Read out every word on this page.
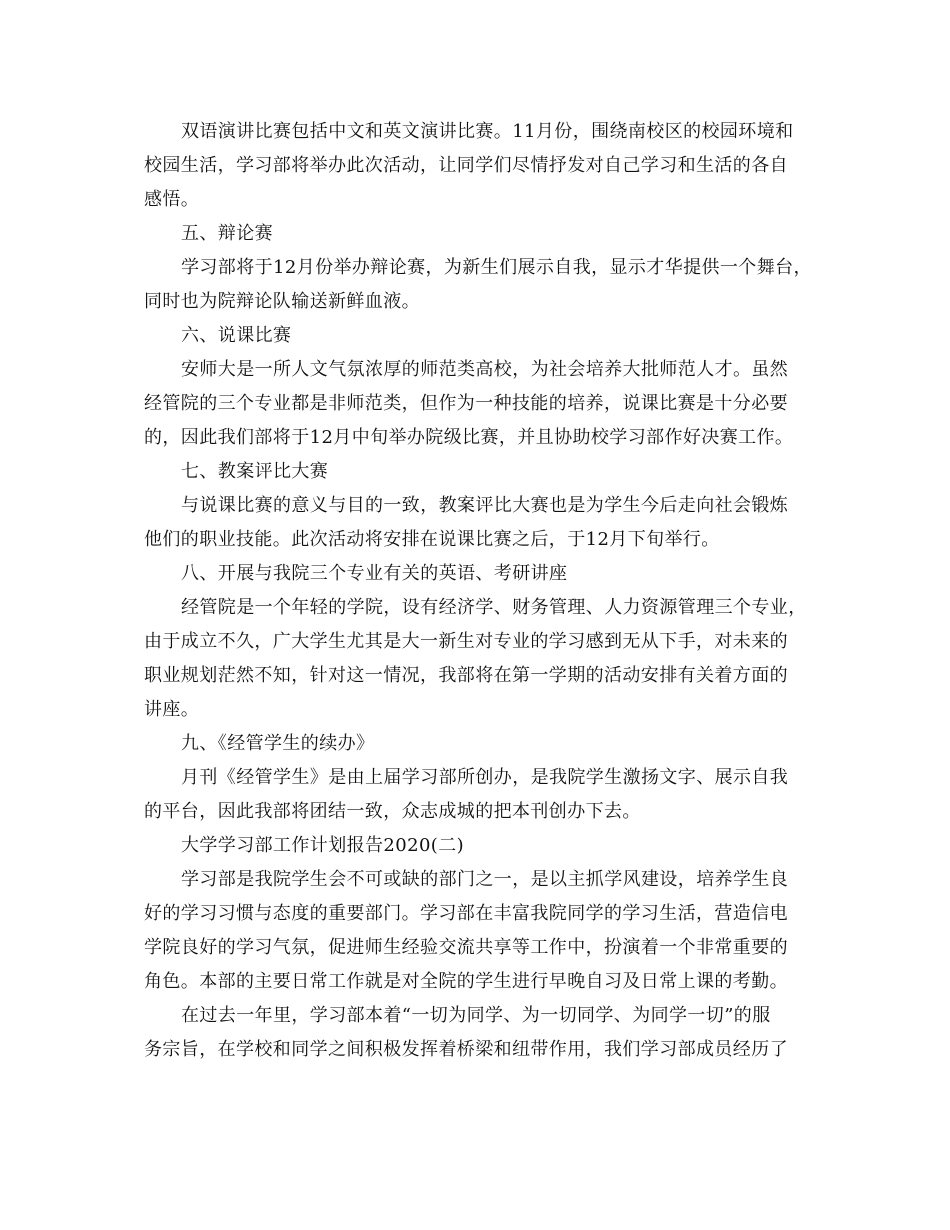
双语演讲比赛包括中文和英文演讲比赛。11月份，围绕南校区的校园环境和
校园生活，学习部将举办此次活动，让同学们尽情抒发对自己学习和生活的各自
感悟。
五、辩论赛
学习部将于12月份举办辩论赛，为新生们展示自我，显示才华提供一个舞台，
同时也为院辩论队输送新鲜血液。
六、说课比赛
安师大是一所人文气氛浓厚的师范类高校，为社会培养大批师范人才。虽然
经管院的三个专业都是非师范类，但作为一种技能的培养，说课比赛是十分必要
的，因此我们部将于12月中旬举办院级比赛，并且协助校学习部作好决赛工作。
七、教案评比大赛
与说课比赛的意义与目的一致，教案评比大赛也是为学生今后走向社会锻炼
他们的职业技能。此次活动将安排在说课比赛之后，于12月下旬举行。
八、开展与我院三个专业有关的英语、考研讲座
经管院是一个年轻的学院，设有经济学、财务管理、人力资源管理三个专业，
由于成立不久，广大学生尤其是大一新生对专业的学习感到无从下手，对未来的
职业规划茫然不知，针对这一情况，我部将在第一学期的活动安排有关着方面的
讲座。
九、《经管学生的续办》
月刊《经管学生》是由上届学习部所创办，是我院学生激扬文字、展示自我
的平台，因此我部将团结一致，众志成城的把本刊创办下去。
大学学习部工作计划报告2020(二)
学习部是我院学生会不可或缺的部门之一，是以主抓学风建设，培养学生良
好的学习习惯与态度的重要部门。学习部在丰富我院同学的学习生活，营造信电
学院良好的学习气氛，促进师生经验交流共享等工作中，扮演着一个非常重要的
角色。本部的主要日常工作就是对全院的学生进行早晚自习及日常上课的考勤。
在过去一年里，学习部本着“一切为同学、为一切同学、为同学一切”的服
务宗旨，在学校和同学之间积极发挥着桥梁和纽带作用，我们学习部成员经历了
